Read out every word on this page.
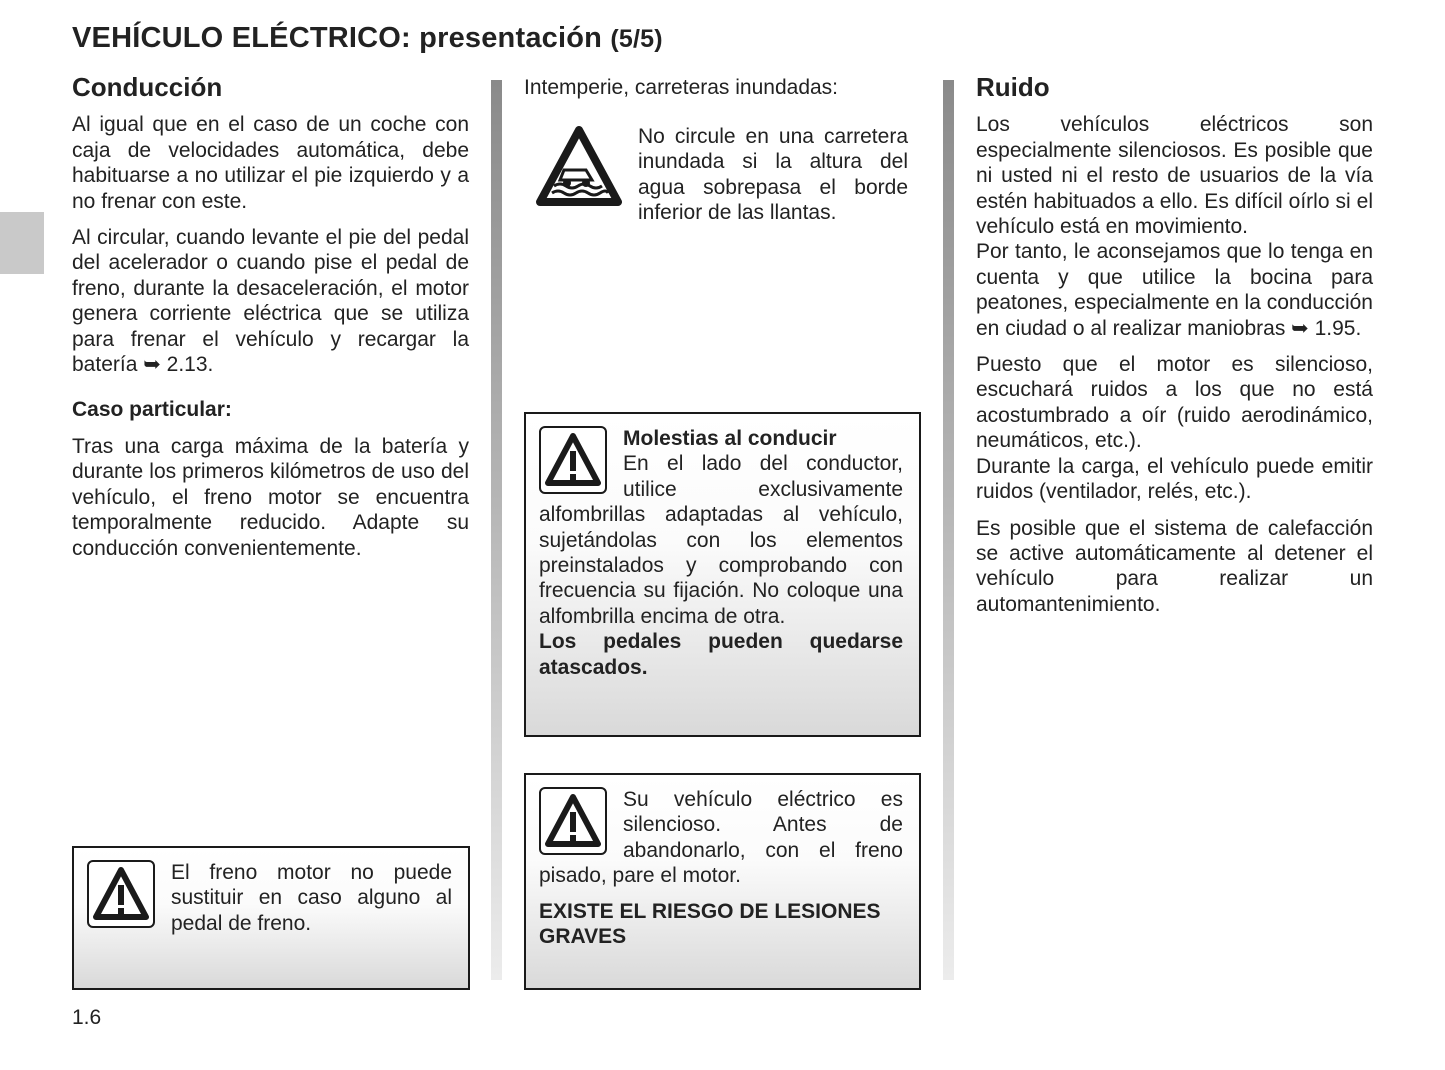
VEHÍCULO ELÉCTRICO: presentación (5/5)
Conducción

Al igual que en el caso de un coche con caja de velocidades automática, debe habituarse a no utilizar el pie izquierdo y a no frenar con este.

Al circular, cuando levante el pie del pedal del acelerador o cuando pise el pedal de freno, durante la desaceleración, el motor genera corriente eléctrica que se utiliza para frenar el vehículo y recargar la batería ➥ 2.13.

Caso particular:

Tras una carga máxima de la batería y durante los primeros kilómetros de uso del vehículo, el freno motor se encuentra temporalmente reducido. Adapte su conducción convenientemente.

El freno motor no puede sustituir en caso alguno al pedal de freno.

Intemperie, carreteras inundadas:

No circule en una carretera inundada si la altura del agua sobrepasa el borde inferior de las llantas.

Molestias al conducir

En el lado del conductor, utilice exclusivamente alfombrillas adaptadas al vehículo, sujetándolas con los elementos preinstalados y comprobando con frecuencia su fijación. No coloque una alfombrilla encima de otra.

Los pedales pueden quedarse atascados.

Su vehículo eléctrico es silencioso. Antes de abandonarlo, con el freno pisado, pare el motor.

EXISTE EL RIESGO DE LESIONES GRAVES

Ruido

Los vehículos eléctricos son especialmente silenciosos. Es posible que ni usted ni el resto de usuarios de la vía estén habituados a ello. Es difícil oírlo si el vehículo está en movimiento.

Por tanto, le aconsejamos que lo tenga en cuenta y que utilice la bocina para peatones, especialmente en la conducción en ciudad o al realizar maniobras ➥ 1.95.

Puesto que el motor es silencioso, escuchará ruidos a los que no está acostumbrado a oír (ruido aerodinámico, neumáticos, etc.).

Durante la carga, el vehículo puede emitir ruidos (ventilador, relés, etc.).

Es posible que el sistema de calefacción se active automáticamente al detener el vehículo para realizar un automantenimiento.

1.6
